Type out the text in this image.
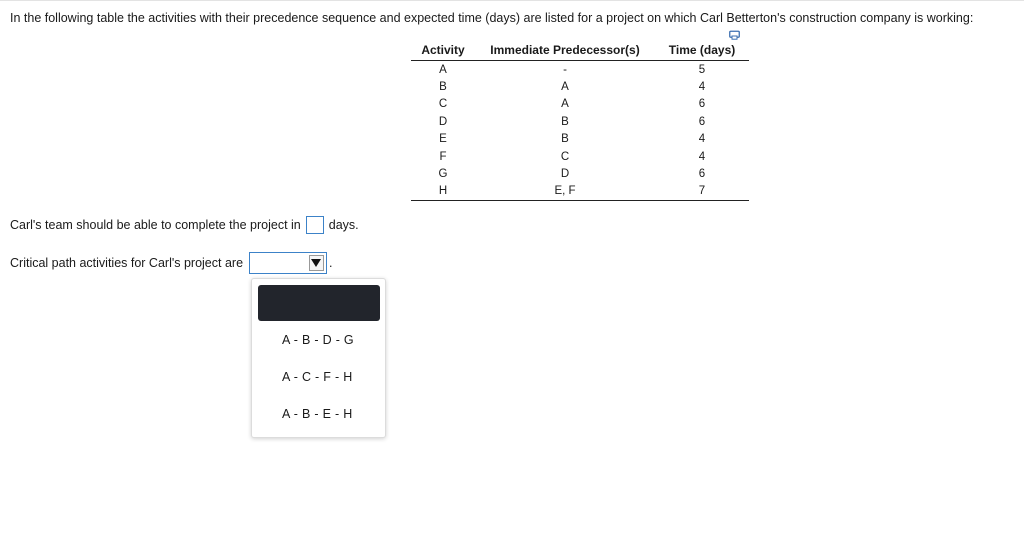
In the following table the activities with their precedence sequence and expected time (days) are listed for a project on which Carl Betterton's construction company is working:
Activity	Immediate Predecessor(s)	Time (days)
A	-	5
B	A	4
C	A	6
D	B	6
E	B	4
F	C	4
G	D	6
H	E, F	7
Carl's team should be able to complete the project in days.
Critical path activities for Carl's project are	.
A - B - D - G
A - C - F - H
A - B - E - H
